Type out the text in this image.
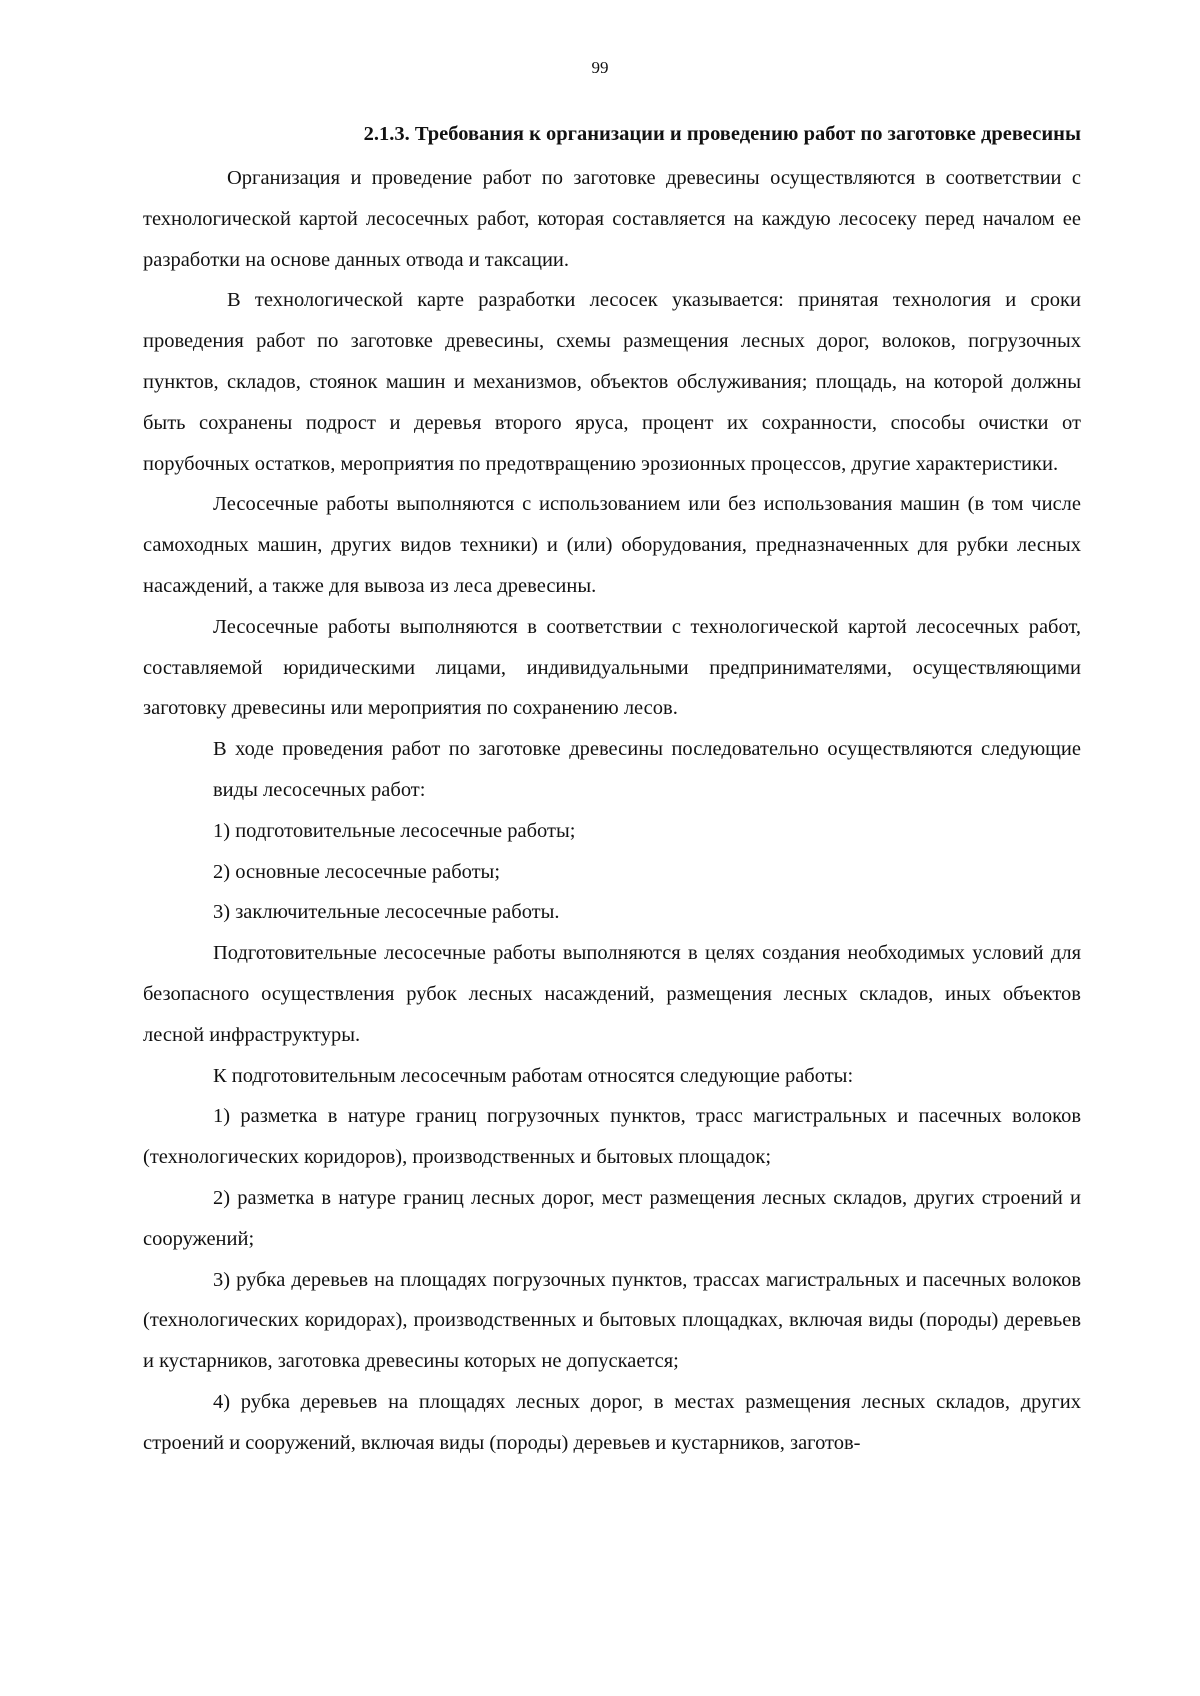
99
2.1.3. Требования к организации и проведению работ по заготовке древесины

Организация и проведение работ по заготовке древесины осуществляются в соответствии с технологической картой лесосечных работ, которая составляется на каждую лесосеку перед началом ее разработки на основе данных отвода и таксации.

В технологической карте разработки лесосек указывается: принятая технология и сроки проведения работ по заготовке древесины, схемы размещения лесных дорог, волоков, погрузочных пунктов, складов, стоянок машин и механизмов, объектов обслуживания; площадь, на которой должны быть сохранены подрост и деревья второго яруса, процент их сохранности, способы очистки от порубочных остатков, мероприятия по предотвращению эрозионных процессов, другие характеристики.

Лесосечные работы выполняются с использованием или без использования машин (в том числе самоходных машин, других видов техники) и (или) оборудования, предназначенных для рубки лесных насаждений, а также для вывоза из леса древесины.

Лесосечные работы выполняются в соответствии с технологической картой лесосечных работ, составляемой юридическими лицами, индивидуальными предпринимателями, осуществляющими заготовку древесины или мероприятия по сохранению лесов.

В ходе проведения работ по заготовке древесины последовательно осуществляются следующие виды лесосечных работ:

1) подготовительные лесосечные работы;

2) основные лесосечные работы;

3) заключительные лесосечные работы.

Подготовительные лесосечные работы выполняются в целях создания необходимых условий для безопасного осуществления рубок лесных насаждений, размещения лесных складов, иных объектов лесной инфраструктуры.

К подготовительным лесосечным работам относятся следующие работы:

1) разметка в натуре границ погрузочных пунктов, трасс магистральных и пасечных волоков (технологических коридоров), производственных и бытовых площадок;

2) разметка в натуре границ лесных дорог, мест размещения лесных складов, других строений и сооружений;

3) рубка деревьев на площадях погрузочных пунктов, трассах магистральных и пасечных волоков (технологических коридорах), производственных и бытовых площадках, включая виды (породы) деревьев и кустарников, заготовка древесины которых не допускается;

4) рубка деревьев на площадях лесных дорог, в местах размещения лесных складов, других строений и сооружений, включая виды (породы) деревьев и кустарников, заготов-
